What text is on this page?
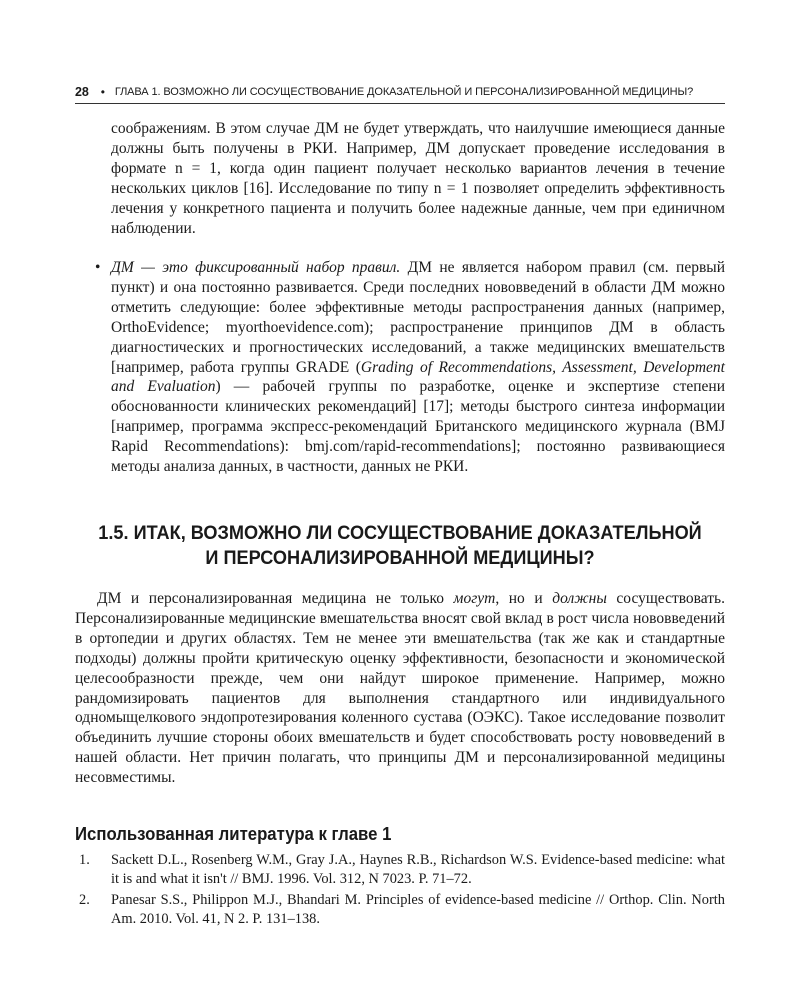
28 • ГЛАВА 1. ВОЗМОЖНО ЛИ СОСУЩЕСТВОВАНИЕ ДОКАЗАТЕЛЬНОЙ И ПЕРСОНАЛИЗИРОВАННОЙ МЕДИЦИНЫ?
соображениям. В этом случае ДМ не будет утверждать, что наилучшие имеющиеся данные должны быть получены в РКИ. Например, ДМ допускает проведение исследования в формате n = 1, когда один пациент получает несколько вариантов лечения в течение нескольких циклов [16]. Исследование по типу n = 1 позволяет определить эффективность лечения у конкретного пациента и получить более надежные данные, чем при единичном наблюдении.
• ДМ — это фиксированный набор правил. ДМ не является набором правил (см. первый пункт) и она постоянно развивается. Среди последних нововведений в области ДМ можно отметить следующие: более эффективные методы распространения данных (например, OrthoEvidence; myorthoevidence.com); распространение принципов ДМ в область диагностических и прогностических исследований, а также медицинских вмешательств [например, работа группы GRADE (Grading of Recommendations, Assessment, Development and Evaluation) — рабочей группы по разработке, оценке и экспертизе степени обоснованности клинических рекомендаций] [17]; методы быстрого синтеза информации [например, программа экспресс-рекомендаций Британского медицинского журнала (BMJ Rapid Recommendations): bmj.com/rapid-recommendations]; постоянно развивающиеся методы анализа данных, в частности, данных не РКИ.
1.5. ИТАК, ВОЗМОЖНО ЛИ СОСУЩЕСТВОВАНИЕ ДОКАЗАТЕЛЬНОЙ
И ПЕРСОНАЛИЗИРОВАННОЙ МЕДИЦИНЫ?
ДМ и персонализированная медицина не только могут, но и должны сосуществовать. Персонализированные медицинские вмешательства вносят свой вклад в рост числа нововведений в ортопедии и других областях. Тем не менее эти вмешательства (так же как и стандартные подходы) должны пройти критическую оценку эффективности, безопасности и экономической целесообразности прежде, чем они найдут широкое применение. Например, можно рандомизировать пациентов для выполнения стандартного или индивидуального одномыщелкового эндопротезирования коленного сустава (ОЭКС). Такое исследование позволит объединить лучшие стороны обоих вмешательств и будет способствовать росту нововведений в нашей области. Нет причин полагать, что принципы ДМ и персонализированной медицины несовместимы.
Использованная литература к главе 1
1. Sackett D.L., Rosenberg W.M., Gray J.A., Haynes R.B., Richardson W.S. Evidence-based medicine: what it is and what it isn't // BMJ. 1996. Vol. 312, N 7023. P. 71–72.
2. Panesar S.S., Philippon M.J., Bhandari M. Principles of evidence-based medicine // Orthop. Clin. North Am. 2010. Vol. 41, N 2. P. 131–138.
